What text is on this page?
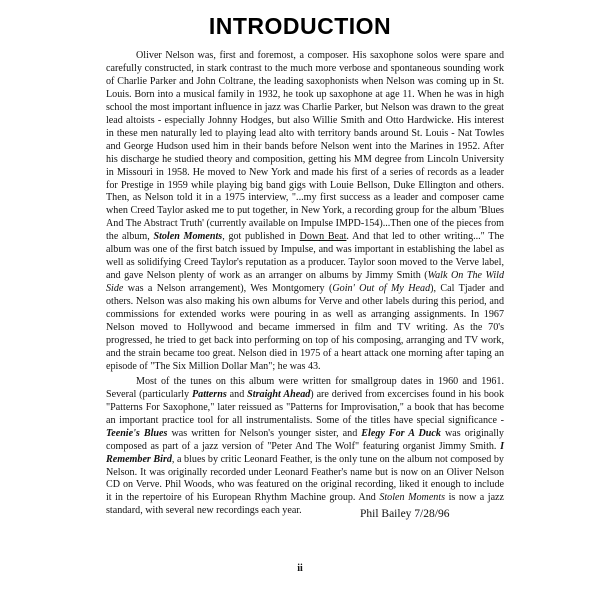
INTRODUCTION

Oliver Nelson was, first and foremost, a composer. His saxophone solos were spare and carefully constructed, in stark contrast to the much more verbose and spontaneous sounding work of Charlie Parker and John Coltrane, the leading saxophonists when Nelson was coming up in St. Louis. Born into a musical family in 1932, he took up saxophone at age 11. When he was in high school the most important influence in jazz was Charlie Parker, but Nelson was drawn to the great lead altoists - especially Johnny Hodges, but also Willie Smith and Otto Hardwicke. His interest in these men naturally led to playing lead alto with territory bands around St. Louis - Nat Towles and George Hudson used him in their bands before Nelson went into the Marines in 1952. After his discharge he studied theory and composition, getting his MM degree from Lincoln University in Missouri in 1958. He moved to New York and made his first of a series of records as a leader for Prestige in 1959 while playing big band gigs with Louie Bellson, Duke Ellington and others. Then, as Nelson told it in a 1975 interview, "...my first success as a leader and composer came when Creed Taylor asked me to put together, in New York, a recording group for the album 'Blues And The Abstract Truth' (currently available on Impulse IMPD-154)...Then one of the pieces from the album, Stolen Moments, got published in Down Beat. And that led to other writing..." The album was one of the first batch issued by Impulse, and was important in establishing the label as well as solidifying Creed Taylor's reputation as a producer. Taylor soon moved to the Verve label, and gave Nelson plenty of work as an arranger on albums by Jimmy Smith (Walk On The Wild Side was a Nelson arrangement), Wes Montgomery (Goin' Out of My Head), Cal Tjader and others. Nelson was also making his own albums for Verve and other labels during this period, and commissions for extended works were pouring in as well as arranging assignments. In 1967 Nelson moved to Hollywood and became immersed in film and TV writing. As the 70's progressed, he tried to get back into performing on top of his composing, arranging and TV work, and the strain became too great. Nelson died in 1975 of a heart attack one morning after taping an episode of "The Six Million Dollar Man"; he was 43.

Most of the tunes on this album were written for smallgroup dates in 1960 and 1961. Several (particularly Patterns and Straight Ahead) are derived from excercises found in his book "Patterns For Saxophone," later reissued as "Patterns for Improvisation," a book that has become an important practice tool for all instrumentalists. Some of the titles have special significance - Teenie's Blues was written for Nelson's younger sister, and Elegy For A Duck was originally composed as part of a jazz version of "Peter And The Wolf" featuring organist Jimmy Smith. I Remember Bird, a blues by critic Leonard Feather, is the only tune on the album not composed by Nelson. It was originally recorded under Leonard Feather's name but is now on an Oliver Nelson CD on Verve. Phil Woods, who was featured on the original recording, liked it enough to include it in the repertoire of his European Rhythm Machine group. And Stolen Moments is now a jazz standard, with several new recordings each year.	Phil Bailey 7/28/96

ii
